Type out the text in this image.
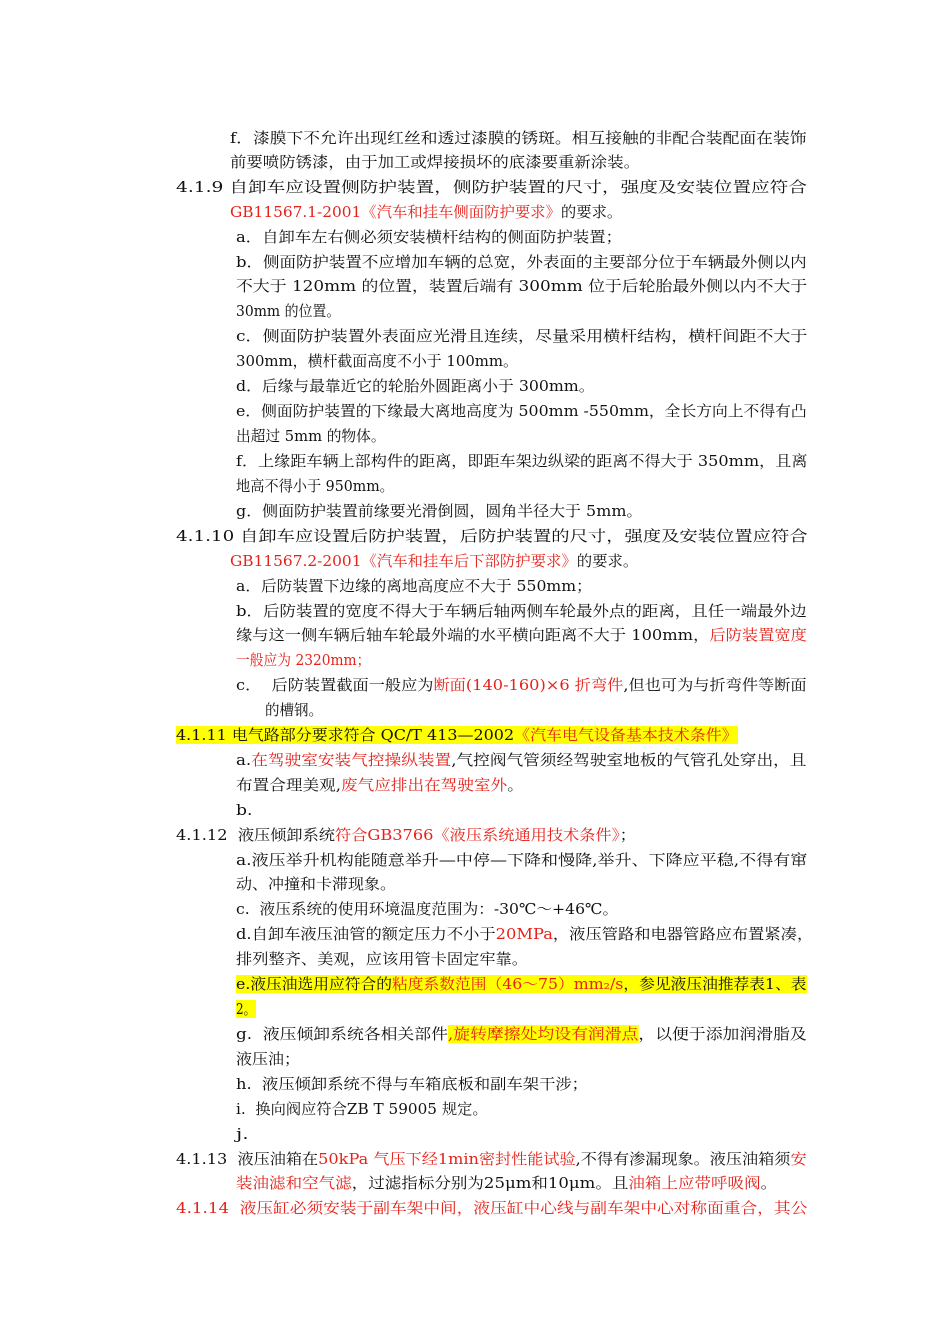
f．漆膜下不允许出现红丝和透过漆膜的锈斑。相互接触的非配合装配面在装饰
前要喷防锈漆，由于加工或焊接损坏的底漆要重新涂装。
4.1.9 自卸车应设置侧防护装置，侧防护装置的尺寸，强度及安装位置应符合
GB11567.1-2001《汽车和挂车侧面防护要求》的要求。
a．自卸车左右侧必须安装横杆结构的侧面防护装置；
b．侧面防护装置不应增加车辆的总宽，外表面的主要部分位于车辆最外侧以内
不大于 120mm 的位置，装置后端有 300mm 位于后轮胎最外侧以内不大于
30mm 的位置。
c．侧面防护装置外表面应光滑且连续，尽量采用横杆结构，横杆间距不大于
300mm，横杆截面高度不小于 100mm。
d．后缘与最靠近它的轮胎外圆距离小于 300mm。
e．侧面防护装置的下缘最大离地高度为 500mm -550mm，全长方向上不得有凸
出超过 5mm 的物体。
f．上缘距车辆上部构件的距离，即距车架边纵梁的距离不得大于 350mm，且离
地高不得小于 950mm。
g．侧面防护装置前缘要光滑倒圆，圆角半径大于 5mm。
4.1.10 自卸车应设置后防护装置，后防护装置的尺寸，强度及安装位置应符合
GB11567.2-2001《汽车和挂车后下部防护要求》的要求。
a．后防装置下边缘的离地高度应不大于 550mm；
b．后防装置的宽度不得大于车辆后轴两侧车轮最外点的距离，且任一端最外边
缘与这一侧车辆后轴车轮最外端的水平横向距离不大于 100mm，后防装置宽度
一般应为 2320mm；
c．  后防装置截面一般应为断面(140-160)×6 折弯件,但也可为与折弯件等断面
的槽钢。
4.1.11 电气路部分要求符合 QC/T 413—2002《汽车电气设备基本技术条件》
a.在驾驶室安装气控操纵装置,气控阀气管须经驾驶室地板的气管孔处穿出，且
布置合理美观,废气应排出在驾驶室外。
b.
4.1.12  液压倾卸系统符合GB3766《液压系统通用技术条件》；
a.液压举升机构能随意举升—中停—下降和慢降,举升、下降应平稳,不得有窜
动、冲撞和卡滞现象。
c.  液压系统的使用环境温度范围为：-30℃～+46℃。
d.自卸车液压油管的额定压力不小于20MPa，液压管路和电器管路应布置紧凑，
排列整齐、美观，应该用管卡固定牢靠。
e.液压油选用应符合的粘度系数范围（46～75）mm₂/s，参见液压油推荐表1、表
2。
g.  液压倾卸系统各相关部件,旋转摩擦处均设有润滑点，以便于添加润滑脂及
液压油；
h.  液压倾卸系统不得与车箱底板和副车架干涉；
i.  换向阀应符合ZB T 59005 规定。
j.
4.1.13  液压油箱在50kPa 气压下经1min密封性能试验,不得有渗漏现象。液压油箱须安
装油滤和空气滤，过滤指标分别为25μm和10μm。且油箱上应带呼吸阀。
4.1.14  液压缸必须安装于副车架中间，液压缸中心线与副车架中心对称面重合，其公
